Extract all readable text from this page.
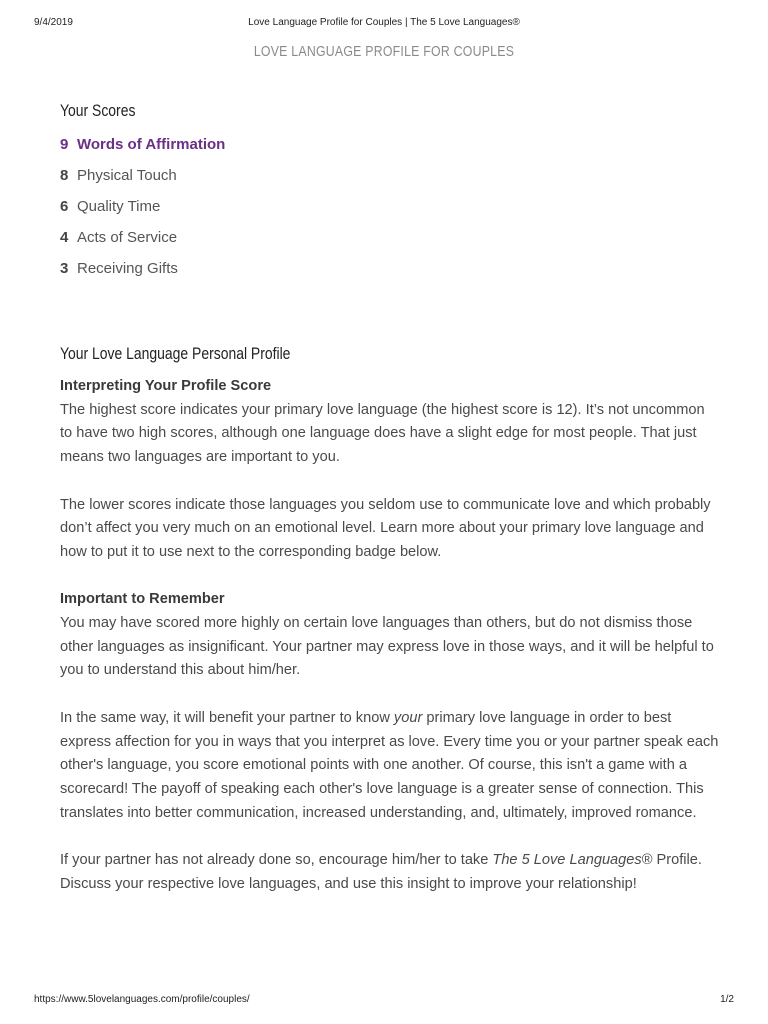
9/4/2019	Love Language Profile for Couples | The 5 Love Languages®
LOVE LANGUAGE PROFILE FOR COUPLES
Your Scores
9 Words of Affirmation
8 Physical Touch
6 Quality Time
4 Acts of Service
3 Receiving Gifts
Your Love Language Personal Profile

Interpreting Your Profile Score
The highest score indicates your primary love language (the highest score is 12). It’s not uncommon to have two high scores, although one language does have a slight edge for most people. That just means two languages are important to you.

The lower scores indicate those languages you seldom use to communicate love and which probably don’t affect you very much on an emotional level. Learn more about your primary love language and how to put it to use next to the corresponding badge below.

Important to Remember
You may have scored more highly on certain love languages than others, but do not dismiss those other languages as insignificant. Your partner may express love in those ways, and it will be helpful to you to understand this about him/her.

In the same way, it will benefit your partner to know your primary love language in order to best express affection for you in ways that you interpret as love. Every time you or your partner speak each other's language, you score emotional points with one another. Of course, this isn't a game with a scorecard! The payoff of speaking each other's love language is a greater sense of connection. This translates into better communication, increased understanding, and, ultimately, improved romance.

If your partner has not already done so, encourage him/her to take The 5 Love Languages® Profile. Discuss your respective love languages, and use this insight to improve your relationship!

https://www.5lovelanguages.com/profile/couples/	1/2
